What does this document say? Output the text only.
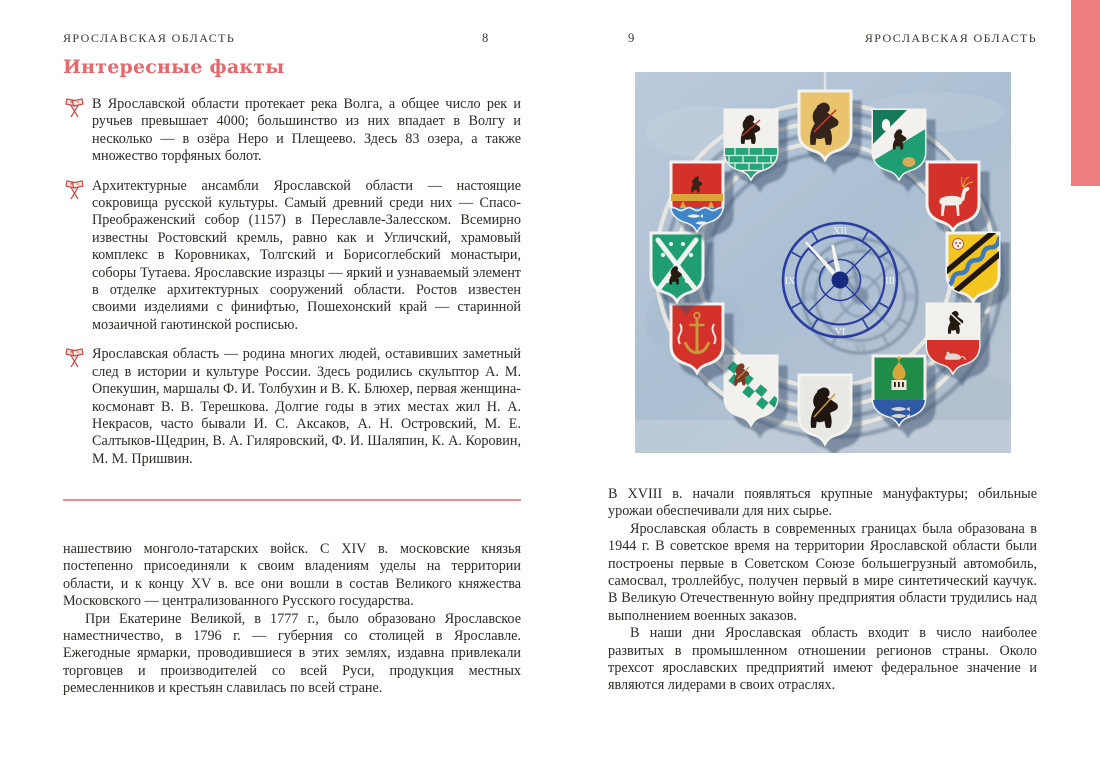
ЯРОСЛАВСКАЯ ОБЛАСТЬ	8	9	ЯРОСЛАВСКАЯ ОБЛАСТЬ
Интересные факты
В Ярославской области протекает река Волга, а общее число рек и ручьев превышает 4000; большинство из них впадает в Волгу и несколько — в озёра Неро и Плещеево. Здесь 83 озера, а также множество торфяных болот.
Архитектурные ансамбли Ярославской области — настоящие сокровища русской культуры. Самый древний среди них — Спасо-Преображенский собор (1157) в Переславле-Залесском. Всемирно известны Ростовский кремль, равно как и Угличский, храмовый комплекс в Коровниках, Толгский и Борисоглебский монастыри, соборы Тутаева. Ярославские изразцы — яркий и узнаваемый элемент в отделке архитектурных сооружений области. Ростов известен своими изделиями с финифтью, Пошехонский край — старинной мозаичной гаютинской росписью.
Ярославская область — родина многих людей, оставивших заметный след в истории и культуре России. Здесь родились скульптор А. М. Опекушин, маршалы Ф. И. Толбухин и В. К. Блюхер, первая женщина-космонавт В. В. Терешкова. Долгие годы в этих местах жил Н. А. Некрасов, часто бывали И. С. Аксаков, А. Н. Островский, М. Е. Салтыков-Щедрин, В. А. Гиляровский, Ф. И. Шаляпин, К. А. Коровин, М. М. Пришвин.

нашествию монголо-татарских войск. С XIV в. московские князья постепенно присоединяли к своим владениям уделы на территории области, и к концу XV в. все они вошли в состав Великого княжества Московского — централизованного Русского государства.

При Екатерине Великой, в 1777 г., было образовано Ярославское наместничество, в 1796 г. — губерния со столицей в Ярославле. Ежегодные ярмарки, проводившиеся в этих землях, издавна привлекали торговцев и производителей со всей Руси, продукция местных ремесленников и крестьян славилась по всей стране.

XII
III
VI
IX

В XVIII в. начали появляться крупные мануфактуры; обильные урожаи обеспечивали для них сырье.

Ярославская область в современных границах была образована в 1944 г. В советское время на территории Ярославской области были построены первые в Советском Союзе большегрузный автомобиль, самосвал, троллейбус, получен первый в мире синтетический каучук. В Великую Отечественную войну предприятия области трудились над выполнением военных заказов.

В наши дни Ярославская область входит в число наиболее развитых в промышленном отношении регионов страны. Около трехсот ярославских предприятий имеют федеральное значение и являются лидерами в своих отраслях.
